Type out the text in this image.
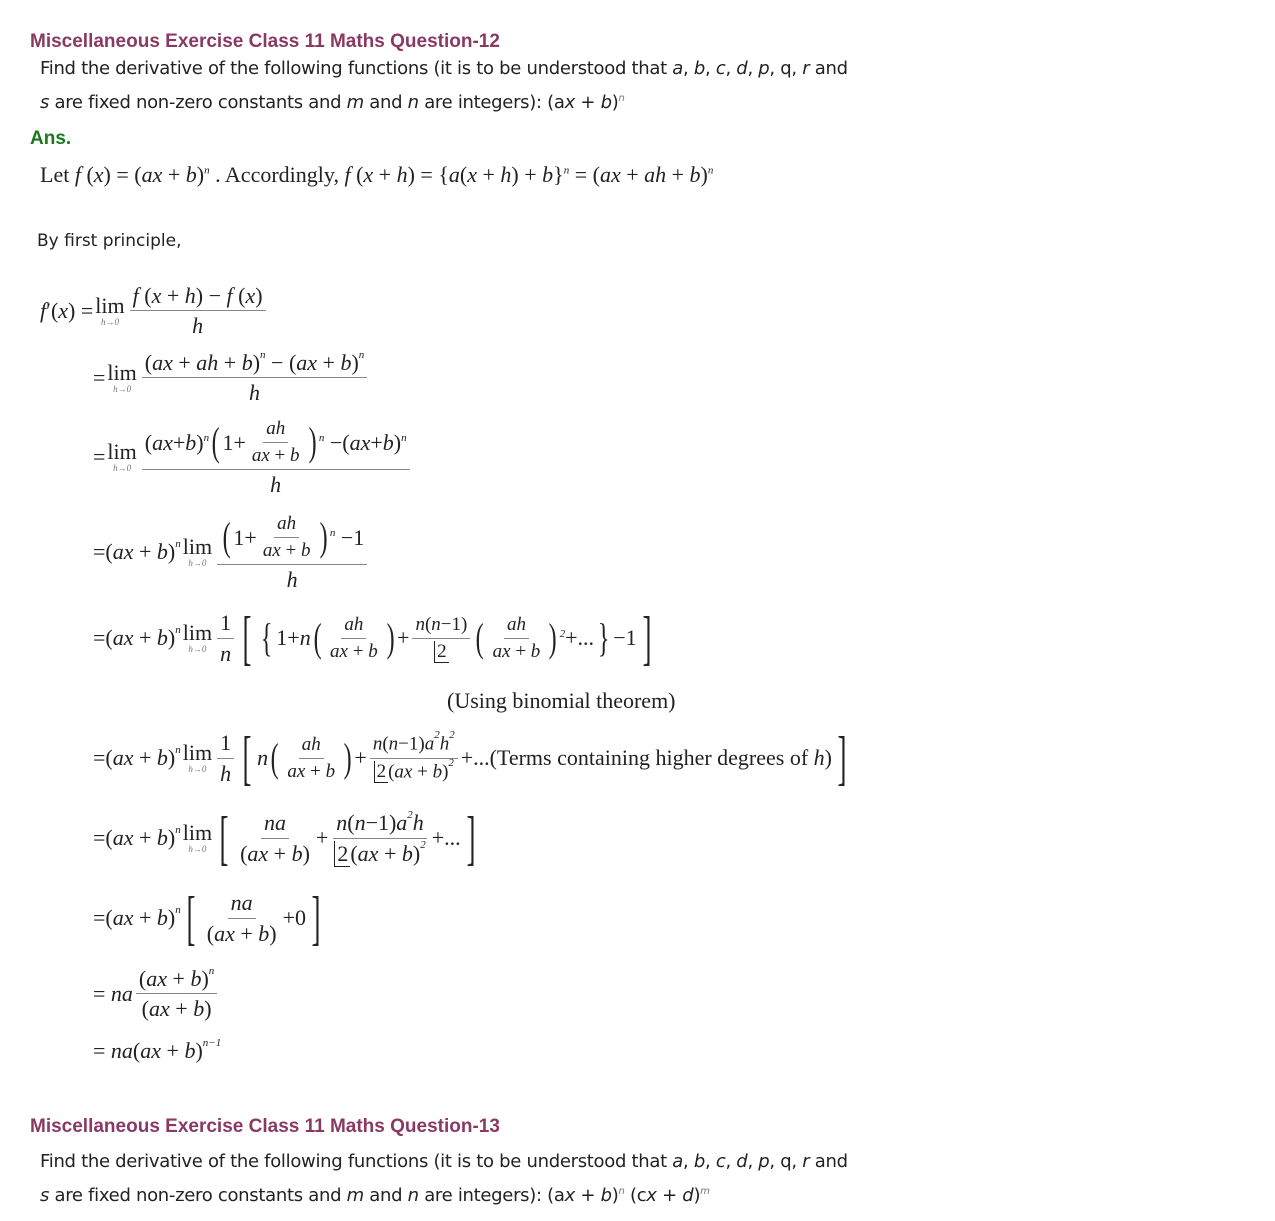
Miscellaneous Exercise Class 11 Maths Question-12
Find the derivative of the following functions (it is to be understood that a, b, c, d, p, q, r and
s are fixed non-zero constants and m and n are integers): (ax + b)$^n$
Ans.
Let f (x) = (ax + b)$^n$ . Accordingly, f $(x + h) = \{a(x + h) + b\}^n = (ax$ + ah + b)$^n$
By first principle,
f′(x) = lim
$h\to 0 \frac{f (x + h) - f (x)}{h}$
= lim
$h\to 0 \frac{(ax + ah + b)^n - (ax + b)^n}{h}$
= lim
$h\to 0 \frac{( ax + b ) n ( 1+ \frac{ah}{ax + b} ) n -( ax + b ) n}{h}$
=(ax + b)$^n$ lim
$h\to 0 \frac{( 1+ \frac{ah}{ax + b} ) n -1}{h}$
=(ax + b)$^n$ lim
$h\to 0 \frac{1}{n}$ [ { 1+ n ( $\frac{ah}{ax + b}$ ) + $\frac{n(n-1)}{2}$ ( $\frac{ah}{ax + b}$ ) 2 +... } −1 ]
(Using binomial theorem)
=(ax + b)$^n$ lim
$h\to 0 \frac{1}{h}$ [ n ( $\frac{ah}{ax + b}$ ) + $\frac{n(n-1)a^2h^2}{2 (ax + b)^2}$ +...(Terms containing higher degrees of h) ]
=(ax + b)$^n$ lim
h→0 [ $\frac{na}{(ax + b)} + \frac{n(n-1)a^2h}{2(ax + b)^2}$ +... ]
=(ax + b)$^n$ [ $\frac{na}{(ax + b)} +0$ ]
= na $\frac{(ax + b)^n}{(ax + b)}$
= na(ax + b)$^{n-1}$
Miscellaneous Exercise Class 11 Maths Question-13
Find the derivative of the following functions (it is to be understood that a, b, c, d, p, q, r and
s are fixed non-zero constants and m and n are integers): (ax + b)$^n$ (cx + d)$^m$
